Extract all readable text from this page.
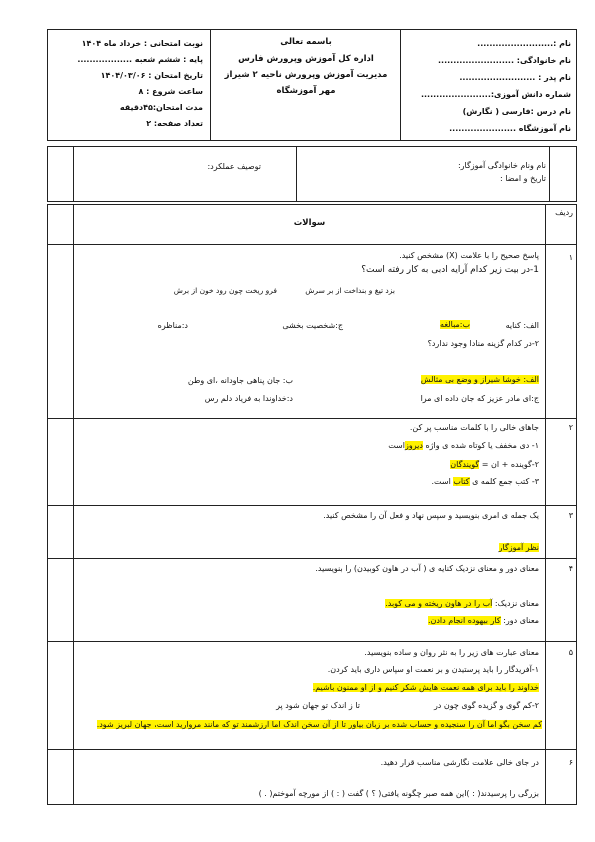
نوبت امتحانی : خرداد ماه ۱۴۰۴
پایه : ششم شعبه ..................
تاریخ امتحان : ۱۴۰۴/۰۳/۰۶
ساعت شروع : ۸
مدت امتحان:۴۵دقیقه
تعداد صفحه: ۲
باسمه تعالی
اداره کل آموزش وپرورش فارس
مدیریت آموزش وپرورش ناحیه ۲ شیراز
مهر آموزشگاه
نام :.........................
نام خانوادگی: .........................
نام پدر : .........................
شماره دانش آموزی:.......................
نام درس :فارسی ( نگارش)
نام آموزشگاه ......................
نام ونام خانوادگی آموزگار:
تاریخ و امضا :
توصیف عملکرد:
ردیف
سوالات
۱
پاسخ صحیح را با علامت (X) مشخص کنید.
1-در بیت زیر کدام آرایه ادبی به کار رفته است؟
بزد تیغ و بنداخت از بر سرش
فرو ریخت چون رود خون از برش
الف: کنایه
ب:مبالغه
ج:شخصیت بخشی
د:مناظره
۲-در کدام گزینه منادا وجود ندارد؟
الف: خوشا شیراز و وضع بی مثالش
ب: جان پناهی جاودانه ،ای وطن
ج:ای مادر عزیز که جان داده ای مرا
د:خداوندا به فریاد دلم رس
۲
جاهای خالی را با کلمات مناسب پر کن.
۱- دی مخفف یا کوتاه شده ی واژه دیروزاست
۲-گوینده + ان = گویندگان
۳- کتب جمع کلمه ی کتاب است.
۳
یک جمله ی امری بنویسید و سپس نهاد و فعل آن را مشخص کنید.
نظر آموزگار
۴
معنای دور و معنای نزدیک کنایه ی ( آب در هاون کوبیدن) را بنویسید.
معنای نزدیک: آب را در هاون ریخته و می کوبد.
معنای دور: کار بیهوده انجام دادن.
۵
معنای عبارت های زیر را به نثر روان و ساده بنویسید.
۱-آفریدگار را باید پرستیدن و بر نعمت او سپاس داری باید کردن.
خداوند را باید برای همه نعمت هایش شکر کنیم و از او ممنون باشیم.
۲-کم گوی و گزیده گوی چون در
تا ز اندک تو جهان شود پر
کم سخن بگو اما آن را سنجیده و حساب شده بر زبان بیاور تا از آن سخن اندک اما ارزشمند تو که مانند مروارید است، جهان لبریز شود.
۶
در جای خالی علامت نگارشی مناسب قرار دهید.
بزرگی را پرسیدند( : )این همه صبر چگونه یافتی( ؟ ) گفت ( : ) از مورچه آموختم( . )
